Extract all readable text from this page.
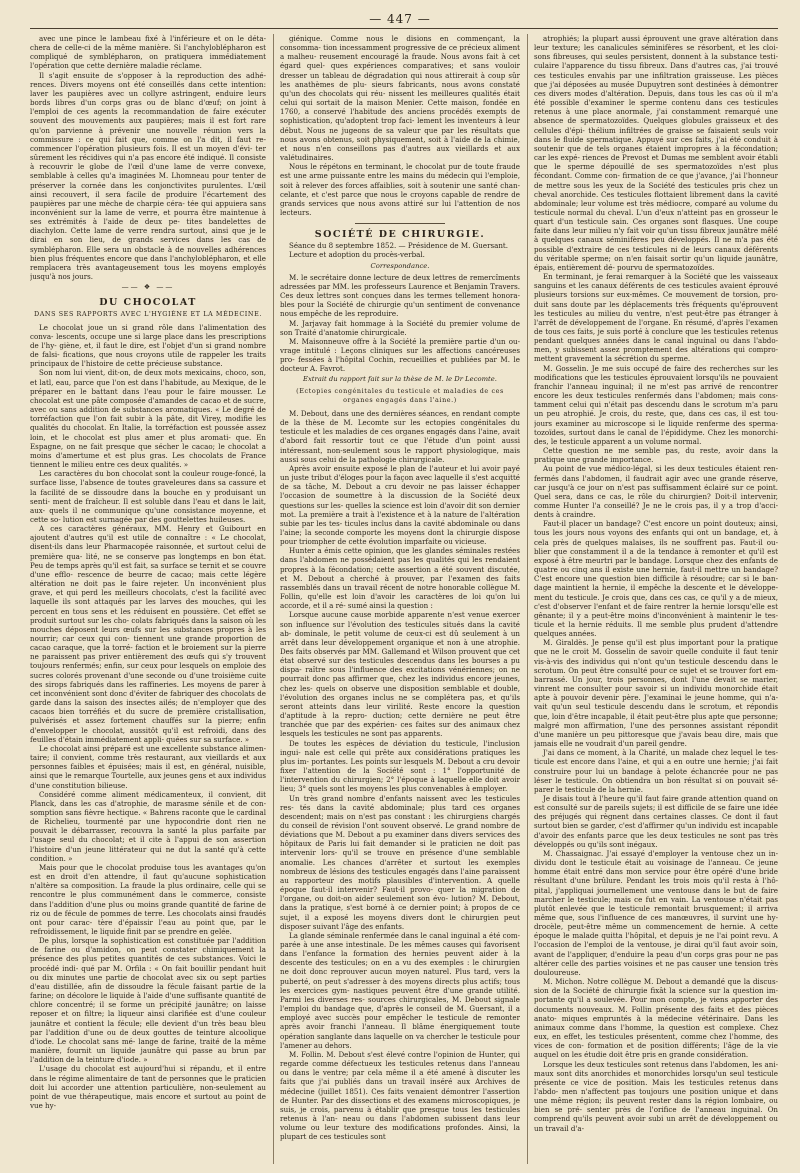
— 447 —

avec une pince le lambeau fixé à l'inférieure et on le déta- chera de celle-ci de la même manière. Si l'anchyloblépharon est compliqué de symblépharon, on pratiquera immédiatement l'opération que cette dernière maladie réclame.

Il s'agit ensuite de s'opposer à la reproduction des adhé- rences. Divers moyens ont été conseillés dans cette intention: laver les paupières avec un collyre astringent, enduire leurs bords libres d'un corps gras ou de blanc d'œuf; on joint à l'emploi de ces agents la recommandation de faire exécuter souvent des mouvements aux paupières; mais il est fort rare qu'on parvienne à prévenir une nouvelle réunion vers la commissure : ce qui fait que, comme on l'a dit, il faut re- commencer l'opération plusieurs fois. Il est un moyen d'évi- ter sûrement les récidives qui n'a pas encore été indiqué. Il consiste à recouvrir le globe de l'œil d'une lame de verre convexe, semblable à celles qu'a imaginées M. Lhomneau pour tenter de préserver la cornée dans les conjonctivites purulentes. L'œil ainsi recouvert, il sera facile de produire l'écartement des paupières par une mèche de charpie céra- tée qui appuiera sans inconvénient sur la lame de verre, et pourra être maintenue à ses extrémités à l'aide de deux pe- tites bandelettes de diachylon. Cette lame de verre rendra surtout, ainsi que je le dirai en son lieu, de grands services dans les cas de symblépharon. Elle sera un obstacle à de nouvelles adhérences bien plus fréquentes encore que dans l'anchyloblépharon, et elle remplacera très avantageusement tous les moyens employés jusqu'à nos jours.

—— ❖ ——
DU CHOCOLAT
DANS SES RAPPORTS AVEC L'HYGIÈNE ET LA MÉDECINE.

Le chocolat joue un si grand rôle dans l'alimentation des conva- lescents, occupe une si large place dans les prescriptions de l'hy- giène, et, il faut le dire, est l'objet d'un si grand nombre de falsi- fications, que nous croyons utile de rappeler les traits principaux de l'histoire de cette précieuse substance.

Son nom lui vient, dit-on, de deux mots mexicains, choco, son, et latl, eau, parce que l'on est dans l'habitude, au Mexique, de le préparer en le battant dans l'eau pour le faire mousser. Le chocolat est une pâte composée d'amandes de cacao et de sucre, avec ou sans addition de substances aromatiques. « Le degré de torréfaction que l'on fait subir à la pâte, dit Virey, modifie les qualités du chocolat. En Italie, la torréfaction est poussée assez loin, et le chocolat est plus amer et plus aromati- que. En Espagne, on ne fait presque que sécher le cacao; le chocolat a moins d'amertume et est plus gras. Les chocolats de France tiennent le milieu entre ces deux qualités. »

Les caractères du bon chocolat sont la couleur rouge-foncé, la surface lisse, l'absence de toutes graveleures dans sa cassure et la facilité de se dissoudre dans la bouche en y produisant un senti- ment de fraîcheur. Il est soluble dans l'eau et dans le lait, aux- quels il ne communique qu'une consistance moyenne, et cette so- lution est surnagée par des gouttelettes huileuses.

A ces caractères généraux, MM. Henry et Guibourt en ajoutent d'autres qu'il est utile de connaître : « Le chocolat, disent-ils dans leur Pharmacopée raisonnée, et surtout celui de première qua- lité, ne se conserve pas longtemps en bon état. Peu de temps après qu'il est fait, sa surface se ternit et se couvre d'une efflo- rescence de beurre de cacao; mais cette légère altération ne doit pas le faire rejeter. Un inconvénient plus grave, et qui perd les meilleurs chocolats, c'est la facilité avec laquelle ils sont attaqués par les larves des mouches, qui les percent en tous sens et les réduisent en poussière. Cet effet se produit surtout sur les cho- colats fabriqués dans la saison où les mouches déposent leurs œufs sur les substances propres à les nourrir; car ceux qui con- tiennent une grande proportion de cacao caraque, que la torré- faction et le broiement sur la pierre ne paraissent pas priver entièrement des œufs qui s'y trouvent toujours renfermés; enfin, sur ceux pour lesquels on emploie des sucres colorés provenant d'une seconde ou d'une troisième cuite des sirops fabriqués dans les raffineries. Les moyens de parer à cet inconvénient sont donc d'éviter de fabriquer des chocolats de garde dans la saison des insectes ailés; de n'employer que des cacaos bien torréfiés et du sucre de première cristallisation, pulvérisés et assez fortement chauffés sur la pierre; enfin d'envelopper le chocolat, aussitôt qu'il est refroidi, dans des feuilles d'étain immédiatement appli- quées sur sa surface. »

Le chocolat ainsi préparé est une excellente substance alimen- taire; il convient, comme très restaurant, aux vieillards et aux personnes faibles et épuisées; mais il est, en général, nuisible, ainsi que le remarque Tourtelle, aux jeunes gens et aux individus d'une constitution bilieuse.

Considéré comme aliment médicamenteux, il convient, dit Planck, dans les cas d'atrophie, de marasme sénile et de con- somption sans fièvre hectique. « Bahrens raconte que le cardinal de Richelieu, tourmenté par une hypocondrie dont rien ne pouvait le débarrasser, recouvra la santé la plus parfaite par l'usage seul du chocolat; et il cite à l'appui de son assertion l'histoire d'un jeune littérateur qui ne dut la santé qu'à cette condition. »

Mais pour que le chocolat produise tous les avantages qu'on est en droit d'en attendre, il faut qu'aucune sophistication n'altère sa composition. La fraude la plus ordinaire, celle qui se rencontre le plus communément dans le commerce, consiste dans l'addition d'une plus ou moins grande quantité de farine de riz ou de fécule de pommes de terre. Les chocolats ainsi fraudés ont pour carac- tère d'épaissir l'eau au point que, par le refroidissement, le liquide finit par se prendre en gelée.

De plus, lorsque la sophistication est constituée par l'addition de farine ou d'amidon, on peut constater chimiquement la présence des plus petites quantités de ces substances. Voici le procédé indi- qué par M. Orfila : « On fait bouillir pendant huit ou dix minutes une partie de chocolat avec six ou sept parties d'eau distillée, afin de dissoudre la fécule faisant partie de la farine; on décolore le liquide à l'aide d'une suffisante quantité de chlore concentré; il se forme un précipité jaunâtre; on laisse reposer et on filtre; la liqueur ainsi clarifiée est d'une couleur jaunâtre et contient la fécule; elle devient d'un très beau bleu par l'addition d'une ou de deux gouttes de teinture alcoolique d'iode. Le chocolat sans mé- lange de farine, traité de la même manière, fournit un liquide jaunâtre qui passe au brun par l'addition de la teinture d'iode. »

L'usage du chocolat est aujourd'hui si répandu, et il entre dans le régime alimentaire de tant de personnes que le praticien doit lui accorder une attention particulière, non-seulement au point de vue thérapeutique, mais encore et surtout au point de vue hy-

giénique. Comme nous le disions en commençant, la consomma- tion incessamment progressive de ce précieux aliment a malheu- reusement encouragé la fraude. Nous avons fait à cet égard quel- ques expériences comparatives; et sans vouloir dresser un tableau de dégradation qui nous attirerait à coup sûr les anathèmes de plu- sieurs fabricants, nous avons constaté qu'un des chocolats qui réu- nissent les meilleures qualités était celui qui sortait de la maison Menier. Cette maison, fondée en 1760, a conservé l'habitude des anciens procédés exempts de sophistication, qu'adoptent trop faci- lement les inventeurs à leur début. Nous ne jugeons de sa valeur que par les résultats que nous avons obtenus, soit physiquement, soit à l'aide de la chimie, et nous n'en conseillons pas d'autres aux vieillards et aux valétudinaires.

Nous le répétons en terminant, le chocolat pur de toute fraude est une arme puissante entre les mains du médecin qui l'emploie, soit à relever des forces affaiblies, soit à soutenir une santé chan- celante, et c'est parce que nous le croyons capable de rendre de grands services que nous avons attiré sur lui l'attention de nos lecteurs.

SOCIÉTÉ DE CHIRURGIE.

Séance du 8 septembre 1852. — Présidence de M. Guersant.

Lecture et adoption du procès-verbal.

Correspondance.

M. le secrétaire donne lecture de deux lettres de remercîments adressées par MM. les professeurs Laurence et Benjamin Travers. Ces deux lettres sont conçues dans les termes tellement honora- bles pour la Société de chirurgie qu'un sentiment de convenance nous empêche de les reproduire.

M. Jarjavay fait hommage à la Société du premier volume de son Traité d'anatomie chirurgicale.

M. Maisonneuve offre à la Société la première partie d'un ou- vrage intitulé : Leçons cliniques sur les affections cancéreuses pro- fessées à l'hôpital Cochin, recueillies et publiées par M. le docteur A. Favrot.

Extrait du rapport fait sur la thèse de M. le Dr Lecomte.
(Ectopies congénitales du testicule et maladies de ces organes engagés dans l'aine.)

M. Debout, dans une des dernières séances, en rendant compte de la thèse de M. Lecomte sur les ectopies congénitales du testicule et les maladies de ces organes engagés dans l'aine, avait d'abord fait ressortir tout ce que l'étude d'un point aussi intéressant, non-seulement sous le rapport physiologique, mais aussi sous celui de la pathologie chirurgicale.

Après avoir ensuite exposé le plan de l'auteur et lui avoir payé un juste tribut d'éloges pour la façon avec laquelle il s'est acquitté de sa tâche, M. Debout a cru devoir ne pas laisser échapper l'occasion de soumettre à la discussion de la Société deux questions sur les- quelles la science est loin d'avoir dit son dernier mot. La première a trait à l'existence et à la nature de l'altération subie par les tes- ticules inclus dans la cavité abdominale ou dans l'aine; la seconde comporte les moyens dont la chirurgie dispose pour triompher de cette évolution imparfaite ou vicieuse.

Hunter a émis cette opinion, que les glandes séminales restées dans l'abdomen ne possédaient pas les qualités qui les rendaient propres à la fécondation; cette assertion a été souvent discutée, et M. Debout a cherché à prouver, par l'examen des faits rassemblés dans un travail récent de notre honorable collègue M. Follin, qu'elle est loin d'avoir les caractères de loi qu'on lui accorde, et il a ré- sumé ainsi la question :

Lorsque aucune cause morbide apparente n'est venue exercer son influence sur l'évolution des testicules situés dans la cavité ab- dominale, le petit volume de ceux-ci est dû seulement à un arrêt dans leur développement organique et non à une atrophie. Des faits observés par MM. Gallemand et Wilson prouvent que cet état observé sur des testicules descendus dans les bourses a pu dispa- raître sous l'influence des excitations vénériennes; on ne pourrait donc pas affirmer que, chez les individus encore jeunes, chez les- quels on observe une disposition semblable et double, l'évolution des organes inclus ne se complétera pas, et qu'ils seront atteints dans leur virilité. Reste encore la question d'aptitude à la repro- duction; cette dernière ne peut être tranchée que par des expérien- ces faites sur des animaux chez lesquels les testicules ne sont pas apparents.

De toutes les espèces de déviation du testicule, l'inclusion ingui- nale est celle qui prête aux considérations pratiques les plus im- portantes. Les points sur lesquels M. Debout a cru devoir fixer l'attention de la Société sont : 1° l'opportunité de l'intervention du chirurgien; 2° l'époque à laquelle elle doit avoir lieu; 3° quels sont les moyens les plus convenables à employer.

Un très grand nombre d'enfants naissent avec les testicules res- tés dans la cavité abdominale; plus tard ces organes descendent; mais on n'est pas constant : les chirurgiens chargés du conseil de révision l'ont souvent observé. Le grand nombre de déviations que M. Debout a pu examiner dans divers services des hôpitaux de Paris lui fait demander si le praticien ne doit pas intervenir lors- qu'il se trouve en présence d'une semblable anomalie. Les chances d'arrêter et surtout les exemples nombreux de lésions des testicules engagés dans l'aine paraissent au rapporteur des motifs plausibles d'intervention. A quelle époque faut-il intervenir? Faut-il provo- quer la migration de l'organe, ou doit-on aider seulement son évo- lution? M. Debout, dans la pratique, s'est borné à ce dernier point; à propos de ce sujet, il a exposé les moyens divers dont le chirurgien peut disposer suivant l'âge des enfants.

La glande séminale renfermée dans le canal inguinal a été com- parée à une anse intestinale. De les mêmes causes qui favorisent dans l'enfance la formation des hernies peuvent aider à la descente des testicules; on en a vu des exemples : le chirurgien ne doit donc reprouver aucun moyen naturel. Plus tard, vers la puberté, on peut s'adresser à des moyens directs plus actifs; tous les exercices gym- nastiques peuvent être d'une grande utilité. Parmi les diverses res- sources chirurgicales, M. Debout signale l'emploi du bandage que, d'après le conseil de M. Guersant, il a employé avec succès pour empêcher le testicule de remonter après avoir franchi l'anneau. Il blâme énergiquement toute opération sanglante dans laquelle on va chercher le testicule pour l'amener au dehors.

M. Follin. M. Debout s'est élevé contre l'opinion de Hunter, qui regarde comme défectueux les testicules retenus dans l'anneau ou dans le ventre; par cela même il a été amené à discuter les faits que j'ai publiés dans un travail inséré aux Archives de médecine (juillet 1851). Ces faits venaient démontrer l'assertion de Hunter. Par des dissections et des examens microscopiques, je suis, je crois, parvenu à établir que presque tous les testicules retenus à l'an- neau ou dans l'abdomen subissent dans leur volume ou leur texture des modifications profondes. Ainsi, la plupart de ces testicules sont

atrophiés; la plupart aussi éprouvent une grave altération dans leur texture; les canalicules séminifères se résorbent, et les cloi- sons fibreuses, qui seules persistent, donnent à la substance testi- culaire l'apparence du tissu fibreux. Dans d'autres cas, j'ai trouvé ces testicules envahis par une infiltration graisseuse. Les pièces que j'ai déposées au musée Dupuytren sont destinées à démontrer ces divers modes d'altération. Depuis, dans tous les cas où il m'a été possible d'examiner le sperme contenu dans ces testicules retenus à une place anormale, j'ai constamment remarqué une absence de spermatozoïdes. Quelques globules graisseux et des cellules d'épi- thélium infiltrées de graisse se faisaient seuls voir dans le fluide spermatique. Appuyé sur ces faits, j'ai été conduit à soutenir que de tels organes étaient impropres à la fécondation; car les expé- riences de Prevost et Dumas me semblent avoir établi que le sperme dépouillé de ses spermatozoïdes n'est plus fécondant. Comme con- firmation de ce que j'avance, j'ai l'honneur de mettre sous les yeux de la Société des testicules pris chez un cheval anorchide. Ces testicules flottaient librement dans la cavité abdominale; leur volume est très médiocre, comparé au volume du testicule normal du cheval. L'un d'eux n'atteint pas en grosseur le quart d'un testicule sain. Ces organes sont flasques. Une coupe faite dans leur milieu n'y fait voir qu'un tissu fibreux jaunâtre mêlé à quelques canaux séminifères peu développés. Il ne m'a pas été possible d'extraire de ces testicules ni de leurs canaux déférents du véritable sperme; on n'en faisait sortir qu'un liquide jaunâtre, épais, entièrement dé- pourvu de spermatozoïdes.

En terminant, je ferai remarquer à la Société que les vaisseaux sanguins et les canaux déférents de ces testicules avaient éprouvé plusieurs torsions sur eux-mêmes. Ce mouvement de torsion, pro- duit sans doute par les déplacements très fréquents qu'éprouvent les testicules au milieu du ventre, n'est peut-être pas étranger à l'arrêt de développement de l'organe. En résumé, d'après l'examen de tous ces faits, je suis porté à conclure que les testicules retenus pendant quelques années dans le canal inguinal ou dans l'abdo- men, y subissent assez promptement des altérations qui compro- mettent gravement la sécrétion du sperme.

M. Gosselin. Je me suis occupé de faire des recherches sur les modifications que les testicules éprouvaient lorsqu'ils ne pouvaient franchir l'anneau inguinal; il ne m'est pas arrivé de rencontrer encore les deux testicules renfermés dans l'abdomen; mais cons- tamment celui qui n'était pas descendu dans le scrotum m'a paru un peu atrophié. Je crois, du reste, que, dans ces cas, il est tou- jours examiner au microscope si le liquide renferme des sperma- tozoïdes, surtout dans le canal de l'épididyme. Chez les monorchi- des, le testicule apparent a un volume normal.

Cette question ne me semble pas, du reste, avoir dans la pratique une grande importance.

Au point de vue médico-légal, si les deux testicules étaient ren- fermés dans l'abdomen, il faudrait agir avec une grande réserve, car jusqu'à ce jour on n'est pas suffisamment éclairé sur ce point. Quel sera, dans ce cas, le rôle du chirurgien? Doit-il intervenir, comme Hunter l'a conseillé? Je ne le crois pas, il y a trop d'acci- dents à craindre.

Faut-il placer un bandage? C'est encore un point douteux; ainsi, tous les jours nous voyons des enfants qui ont un bandage, et, à cela près de quelques malaises, ils ne souffrent pas. Faut-il ou- blier que constamment il a de la tendance à remonter et qu'il est exposé à être meurtri par le bandage. Lorsque chez des enfants de quatre ou cinq ans il existe une hernie, faut-il mettre un bandage? C'est encore une question bien difficile à résoudre; car si le ban- dage maintient la hernie, il empêche la descente et le développe- ment du testicule. Je crois que, dans ces cas, ce qu'il y a de mieux, c'est d'observer l'enfant et de faire rentrer la hernie lorsqu'elle est gênante; il y a peut-être moins d'inconvénient à maintenir le tes- ticule et la hernie réduits. Il me semble plus prudent d'attendre quelques années.

M. Giraldès. Je pense qu'il est plus important pour la pratique que ne le croit M. Gosselin de savoir quelle conduite il faut tenir vis-à-vis des individus qui n'ont qu'un testicule descendu dans le scrotum. On peut être consulté pour ce sujet et se trouver fort em- barrassé. Un jour, trois personnes, dont l'une devait se marier, vinrent me consulter pour savoir si un individu monorchide était apte à pouvoir devenir père. J'examinai le jeune homme, qui n'a- vait qu'un seul testicule descendu dans le scrotum, et répondis que, loin d'être incapable, il était peut-être plus apte que personne; malgré mon affirmation, l'une des personnes assistant répondit d'une manière un peu pittoresque que j'avais beau dire, mais que jamais elle ne voudrait d'un pareil gendre.

J'ai dans ce moment, à la Charité, un malade chez lequel le tes- ticule est encore dans l'aine, et qui a en outre une hernie; j'ai fait construire pour lui un bandage à pelote échancrée pour ne pas léser le testicule. On obtiendra un bon résultat si on pouvait sé- parer le testicule de la hernie.

Je disais tout à l'heure qu'il faut faire grande attention quand on est consulté sur de pareils sujets; il est difficile de se faire une idée des préjugés qui règnent dans certaines classes. Ce dont il faut surtout bien se garder, c'est d'affirmer qu'un individu est incapable d'avoir des enfants parce que les deux testicules ne sont pas très développés ou qu'ils sont inégaux.

M. Chassaignac. J'ai essayé d'employer la ventouse chez un in- dividu dont le testicule était au voisinage de l'anneau. Ce jeune homme était entré dans mon service pour être opéré d'une bride résultant d'une brûlure. Pendant les trois mois qu'il resta à l'hô- pital, j'appliquai journellement une ventouse dans le but de faire marcher le testicule; mais ce fut en vain. La ventouse n'était pas plutôt enlevée que le testicule remontait brusquement; il arriva même que, sous l'influence de ces manœuvres, il survint une hy- drocèle, peut-être même un commencement de hernie. A cette époque le malade quitta l'hôpital, et depuis je ne l'ai point revu. A l'occasion de l'emploi de la ventouse, je dirai qu'il faut avoir soin, avant de l'appliquer, d'enduire la peau d'un corps gras pour ne pas altérer celle des parties voisines et ne pas causer une tension très douloureuse.

M. Michon. Notre collègue M. Debout a demandé que la discus- sion de la Société de chirurgie fixât la science sur la question im- portante qu'il a soulevée. Pour mon compte, je viens apporter des documents nouveaux. M. Follin présente des faits et des pièces anato- miques empruntés à la médecine vétérinaire. Dans les animaux comme dans l'homme, la question est complexe. Chez eux, en effet, les testicules présentent, comme chez l'homme, des vices de con- formation et de position différents; l'âge de la vie auquel on les étudie doit être pris en grande considération.

Lorsque les deux testicules sont retenus dans l'abdomen, les ani- maux sont dits anorchides et monorchides lorsqu'un seul testicule présente ce vice de position. Mais les testicules retenus dans l'abdo- men n'affectent pas toujours une position unique et dans une même région; ils peuvent rester dans la région lombaire, ou bien se pré- senter près de l'orifice de l'anneau inguinal. On comprend qu'ils peuvent avoir subi un arrêt de développement ou un travail d'a-
